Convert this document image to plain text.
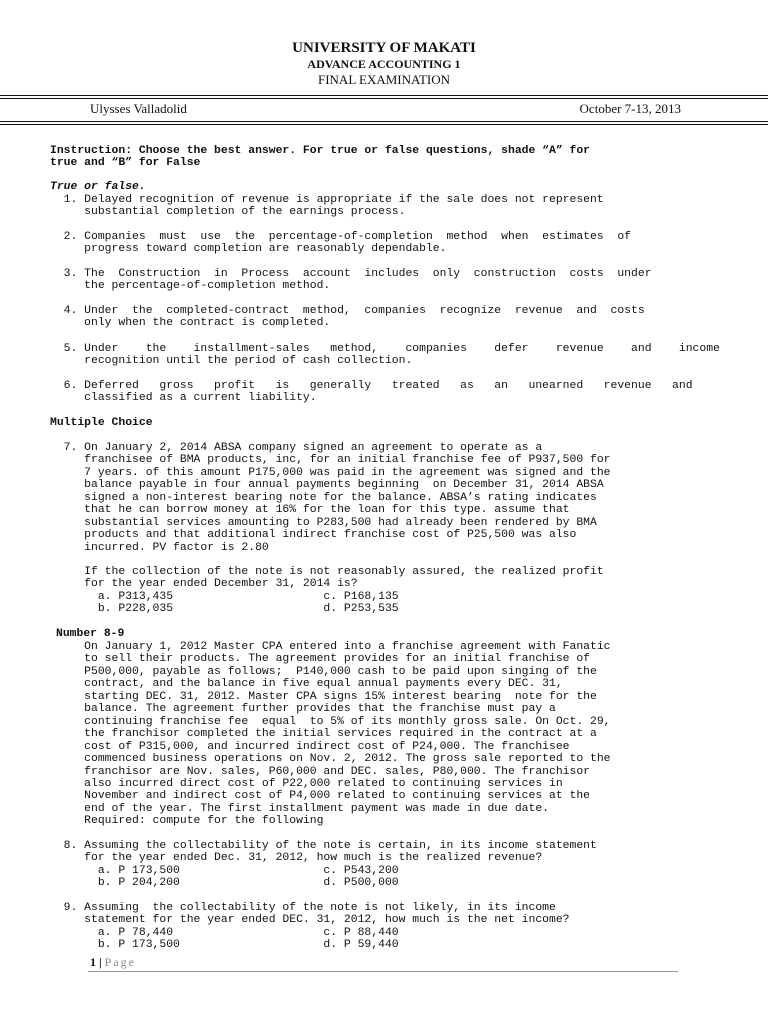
UNIVERSITY OF MAKATI
ADVANCE ACCOUNTING 1
FINAL EXAMINATION
Ulysses Valladolid	October 7-13, 2013
Instruction: Choose the best answer. For true or false questions, shade “A” for
true and “B” for False
True or false.
1. Delayed recognition of revenue is appropriate if the sale does not represent
substantial completion of the earnings process.
2. Companies  must  use  the  percentage-of-completion  method  when  estimates  of
progress toward completion are reasonably dependable.
3. The  Construction  in  Process  account  includes  only  construction  costs  under
the percentage-of-completion method.
4. Under  the  completed-contract  method,  companies  recognize  revenue  and  costs
only when the contract is completed.
5. Under    the    installment-sales   method,    companies    defer    revenue    and    income
recognition until the period of cash collection.
6. Deferred   gross   profit   is   generally   treated   as   an   unearned   revenue   and
classified as a current liability.
Multiple Choice
7. On January 2, 2014 ABSA company signed an agreement to operate as a
franchisee of BMA products, inc, for an initial franchise fee of P937,500 for
7 years. of this amount P175,000 was paid in the agreement was signed and the
balance payable in four annual payments beginning  on December 31, 2014 ABSA
signed a non-interest bearing note for the balance. ABSA’s rating indicates
that he can borrow money at 16% for the loan for this type. assume that
substantial services amounting to P283,500 had already been rendered by BMA
products and that additional indirect franchise cost of P25,500 was also
incurred. PV factor is 2.80
If the collection of the note is not reasonably assured, the realized profit
for the year ended December 31, 2014 is?
a. P313,435                      c. P168,135
b. P228,035                      d. P253,535
Number 8-9
On January 1, 2012 Master CPA entered into a franchise agreement with Fanatic
to sell their products. The agreement provides for an initial franchise of
P500,000, payable as follows;  P140,000 cash to be paid upon singing of the
contract, and the balance in five equal annual payments every DEC. 31,
starting DEC. 31, 2012. Master CPA signs 15% interest bearing  note for the
balance. The agreement further provides that the franchise must pay a
continuing franchise fee  equal  to 5% of its monthly gross sale. On Oct. 29,
the franchisor completed the initial services required in the contract at a
cost of P315,000, and incurred indirect cost of P24,000. The franchisee
commenced business operations on Nov. 2, 2012. The gross sale reported to the
franchisor are Nov. sales, P60,000 and DEC. sales, P80,000. The franchisor
also incurred direct cost of P22,000 related to continuing services in
November and indirect cost of P4,000 related to continuing services at the
end of the year. The first installment payment was made in due date.
Required: compute for the following
8. Assuming the collectability of the note is certain, in its income statement
for the year ended Dec. 31, 2012, how much is the realized revenue?
a. P 173,500                     c. P543,200
b. P 204,200                     d. P500,000
9. Assuming  the collectability of the note is not likely, in its income
statement for the year ended DEC. 31, 2012, how much is the net income?
a. P 78,440                      c. P 88,440
b. P 173,500                     d. P 59,440
1 | Page
